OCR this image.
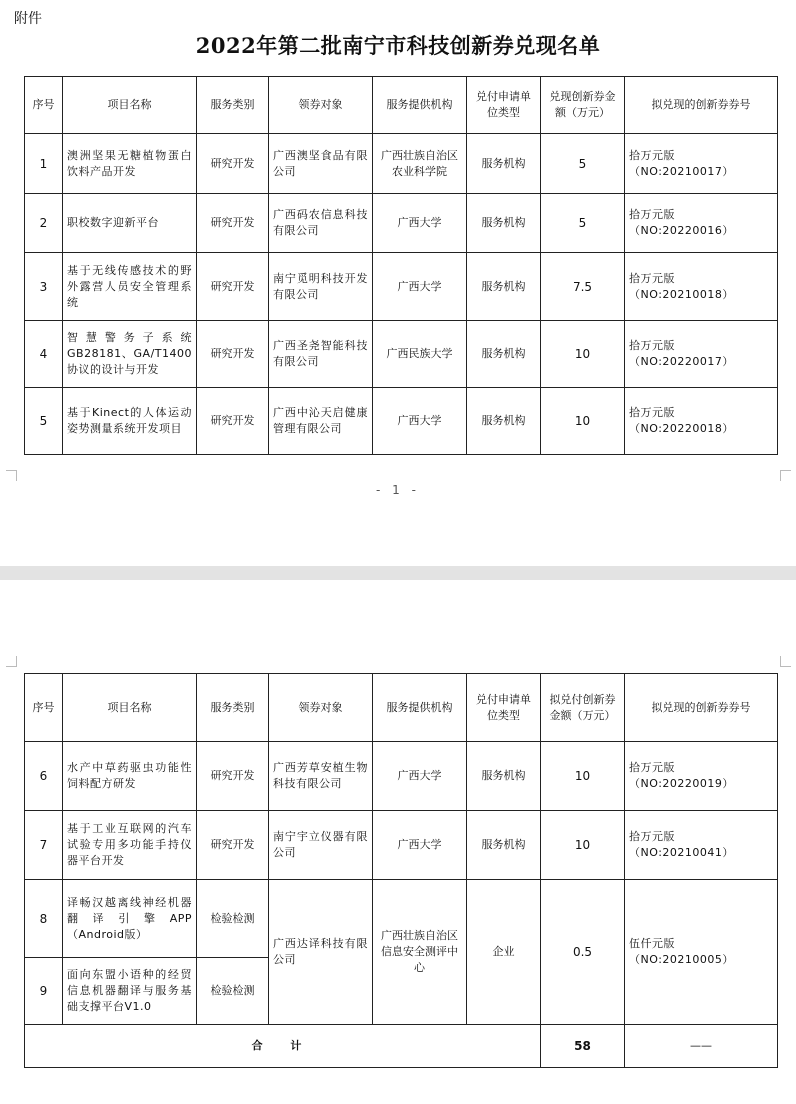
附件
2022年第二批南宁市科技创新券兑现名单
序号	项目名称	服务类别	领券对象	服务提供机构	兑付申请单位类型	兑现创新券金额（万元）	拟兑现的创新券券号
1	澳洲坚果无糖植物蛋白饮料产品开发	研究开发	广西澳坚食品有限公司	广西壮族自治区农业科学院	服务机构	5	拾万元版
（NO:20210017）

2	职校数字迎新平台	研究开发	广西码农信息科技有限公司	广西大学	服务机构	5	拾万元版
（NO:20220016）

3	基于无线传感技术的野外露营人员安全管理系统	研究开发	南宁觅明科技开发有限公司	广西大学	服务机构	7.5	拾万元版
（NO:20210018）

4	智慧警务子系统GB28181、GA/T1400协议的设计与开发	研究开发	广西圣尧智能科技有限公司	广西民族大学	服务机构	10	拾万元版
（NO:20220017）

5	基于Kinect的人体运动姿势测量系统开发项目	研究开发	广西中沁天启健康管理有限公司	广西大学	服务机构	10	拾万元版
（NO:20220018）
- 1 -
序号	项目名称	服务类别	领券对象	服务提供机构	兑付申请单位类型	拟兑付创新券金额（万元）	拟兑现的创新券券号
6	水产中草药驱虫功能性饲料配方研发	研究开发	广西芳草安植生物科技有限公司	广西大学	服务机构	10	拾万元版
（NO:20220019）

7	基于工业互联网的汽车试验专用多功能手持仪器平台开发	研究开发	南宁宇立仪器有限公司	广西大学	服务机构	10	拾万元版
（NO:20210041）

8	译畅汉越离线神经机器翻译引擎APP（Android版）	检验检测	广西达译科技有限公司	广西壮族自治区信息安全测评中心	企业	0.5	伍仟元版
（NO:20210005）

9	面向东盟小语种的经贸信息机器翻译与服务基础支撑平台V1.0	检验检测					
合 计						58	——
